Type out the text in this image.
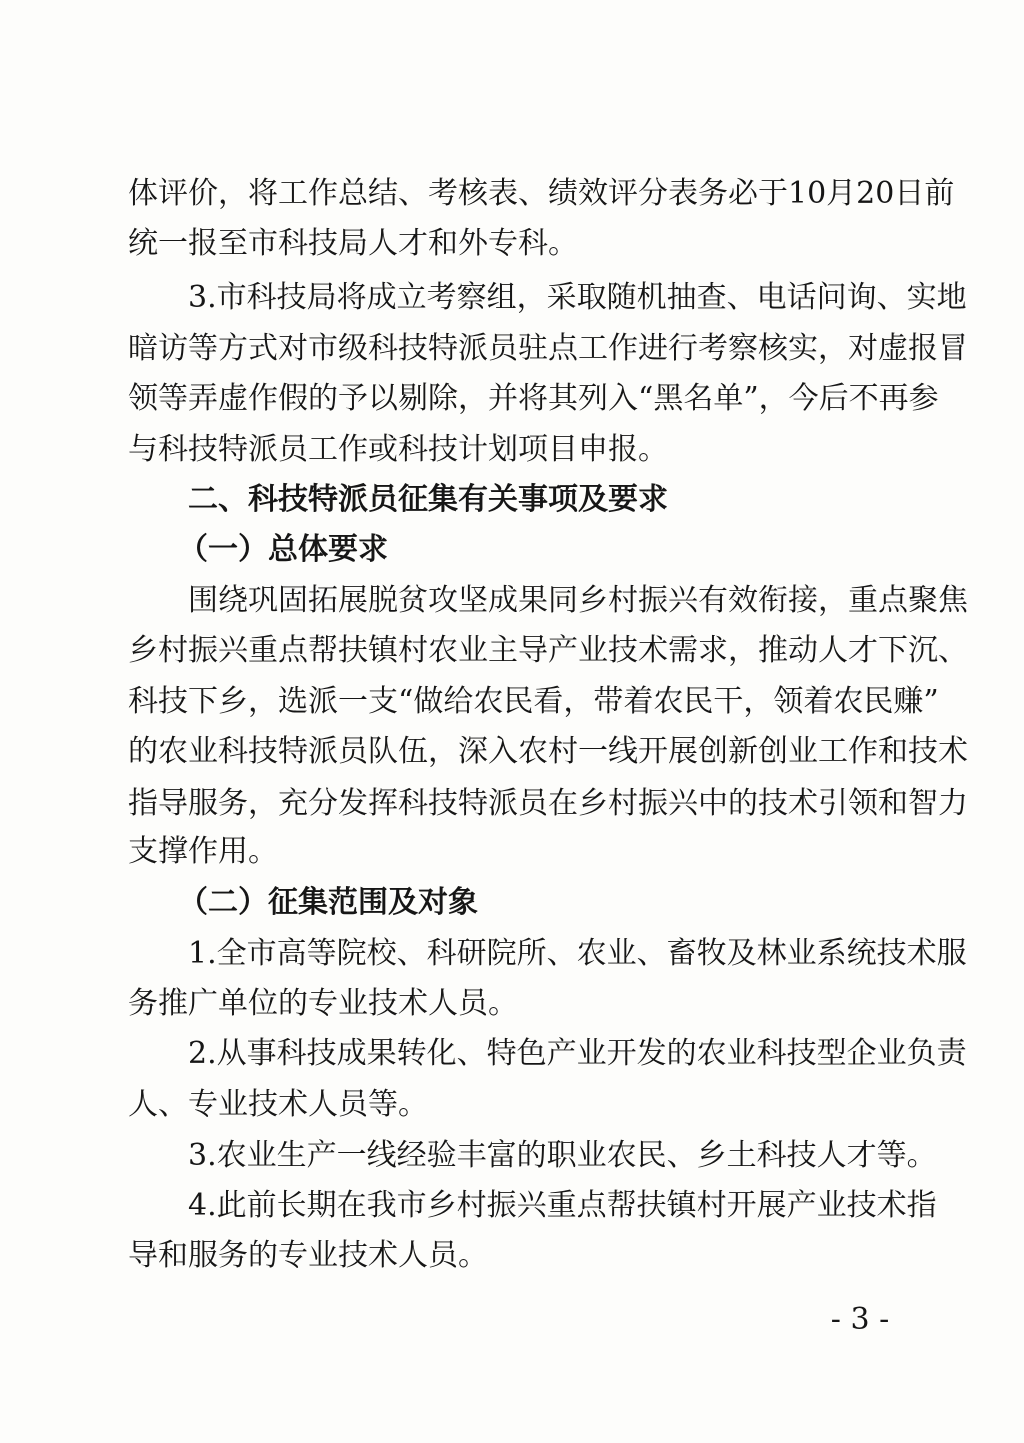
体评价，将工作总结、考核表、绩效评分表务必于10月20日前
统一报至市科技局人才和外专科。
3.市科技局将成立考察组，采取随机抽查、电话问询、实地
暗访等方式对市级科技特派员驻点工作进行考察核实，对虚报冒
领等弄虚作假的予以剔除，并将其列入“黑名单”，今后不再参
与科技特派员工作或科技计划项目申报。
二、科技特派员征集有关事项及要求
（一）总体要求
围绕巩固拓展脱贫攻坚成果同乡村振兴有效衔接，重点聚焦
乡村振兴重点帮扶镇村农业主导产业技术需求，推动人才下沉、
科技下乡，选派一支“做给农民看，带着农民干，领着农民赚”
的农业科技特派员队伍，深入农村一线开展创新创业工作和技术
指导服务，充分发挥科技特派员在乡村振兴中的技术引领和智力
支撑作用。
（二）征集范围及对象
1.全市高等院校、科研院所、农业、畜牧及林业系统技术服
务推广单位的专业技术人员。
2.从事科技成果转化、特色产业开发的农业科技型企业负责
人、专业技术人员等。
3.农业生产一线经验丰富的职业农民、乡土科技人才等。
4.此前长期在我市乡村振兴重点帮扶镇村开展产业技术指
导和服务的专业技术人员。
- 3 -
